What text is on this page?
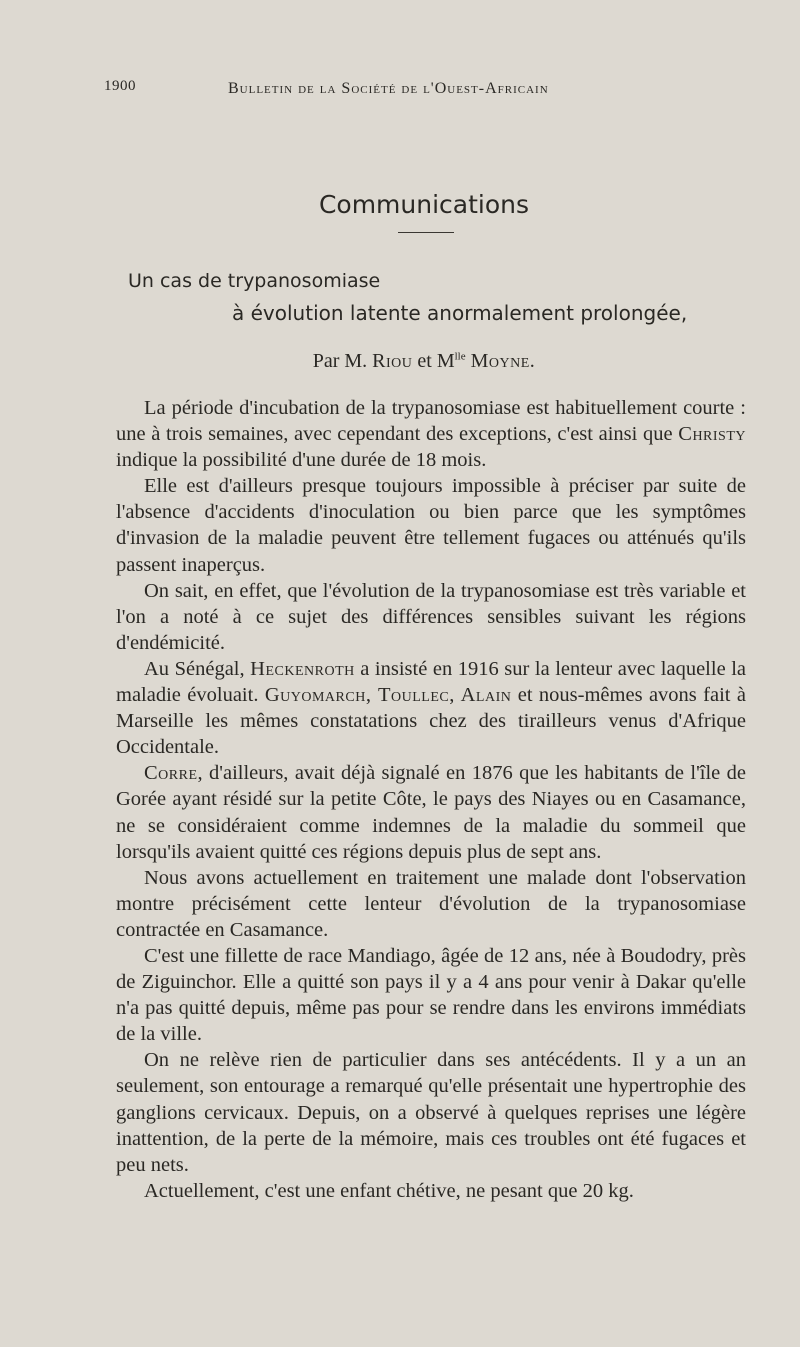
1900	Bulletin de la Société de l'Ouest-Africain
Communications
Un cas de trypanosomiase
à évolution latente anormalement prolongée,
Par M. Riou et $M^{lle}$ Moyne.

La période d'incubation de la trypanosomiase est habituellement courte : une à trois semaines, avec cependant des exceptions, c'est ainsi que Christy indique la possibilité d'une durée de 18 mois.

Elle est d'ailleurs presque toujours impossible à préciser par suite de l'absence d'accidents d'inoculation ou bien parce que les symptômes d'invasion de la maladie peuvent être tellement fugaces ou atténués qu'ils passent inaperçus.

On sait, en effet, que l'évolution de la trypanosomiase est très variable et l'on a noté à ce sujet des différences sensibles suivant les régions d'endémicité.

Au Sénégal, Heckenroth a insisté en 1916 sur la lenteur avec laquelle la maladie évoluait. Guyomarch, Toullec, Alain et nous-mêmes avons fait à Marseille les mêmes constatations chez des tirailleurs venus d'Afrique Occidentale.

Corre, d'ailleurs, avait déjà signalé en 1876 que les habitants de l'île de Gorée ayant résidé sur la petite Côte, le pays des Niayes ou en Casamance, ne se considéraient comme indemnes de la maladie du sommeil que lorsqu'ils avaient quitté ces régions depuis plus de sept ans.

Nous avons actuellement en traitement une malade dont l'observation montre précisément cette lenteur d'évolution de la trypanosomiase contractée en Casamance.

C'est une fillette de race Mandiago, âgée de 12 ans, née à Boudodry, près de Ziguinchor. Elle a quitté son pays il y a 4 ans pour venir à Dakar qu'elle n'a pas quitté depuis, même pas pour se rendre dans les environs immédiats de la ville.

On ne relève rien de particulier dans ses antécédents. Il y a un an seulement, son entourage a remarqué qu'elle présentait une hypertrophie des ganglions cervicaux. Depuis, on a observé à quelques reprises une légère inattention, de la perte de la mémoire, mais ces troubles ont été fugaces et peu nets.

Actuellement, c'est une enfant chétive, ne pesant que 20 kg.
